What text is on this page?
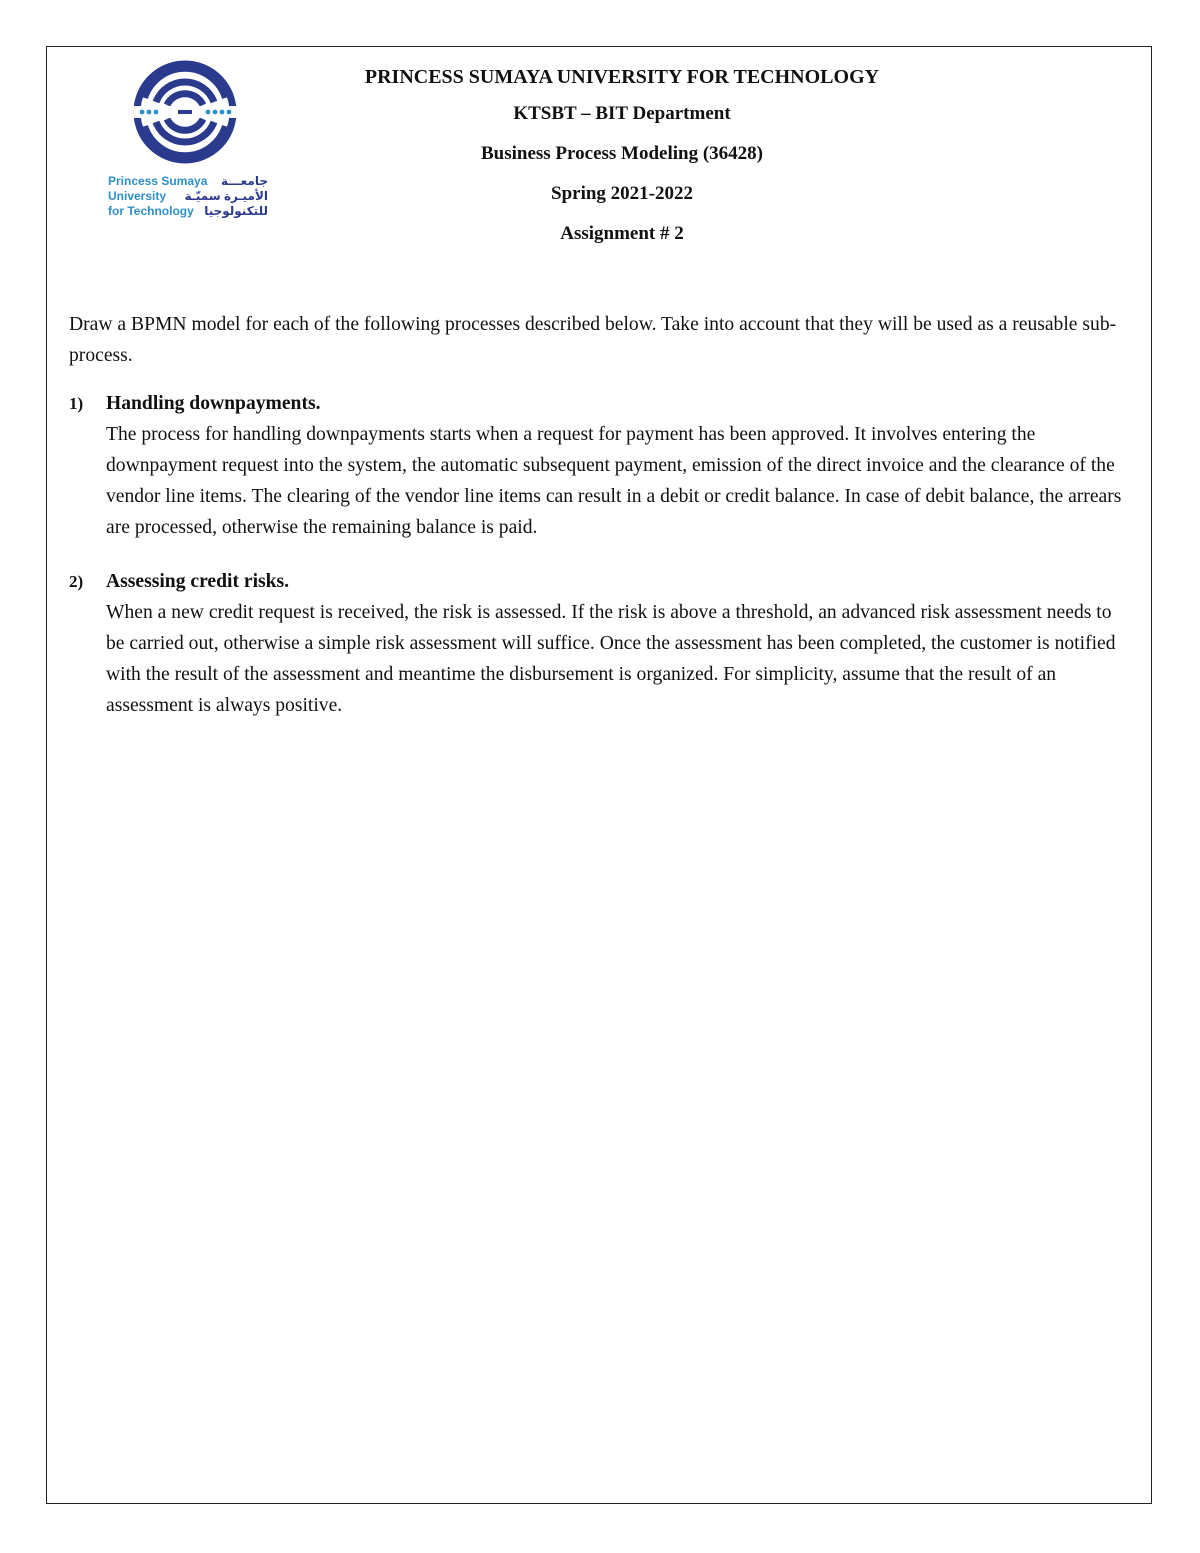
Princess Sumaya جامعـــة
University الأميـرة سميّـة
for Technology للتكنولوجيا
PRINCESS SUMAYA UNIVERSITY FOR TECHNOLOGY
KTSBT – BIT Department
Business Process Modeling (36428)
Spring 2021-2022
Assignment # 2

Draw a BPMN model for each of the following processes described below. Take into account that they will be used as a reusable sub-process.

1)	Handling downpayments.
The process for handling downpayments starts when a request for payment has been approved. It involves entering the downpayment request into the system, the automatic subsequent payment, emission of the direct invoice and the clearance of the vendor line items. The clearing of the vendor line items can result in a debit or credit balance. In case of debit balance, the arrears are processed, otherwise the remaining balance is paid.
2)	Assessing credit risks.
When a new credit request is received, the risk is assessed. If the risk is above a threshold, an advanced risk assessment needs to be carried out, otherwise a simple risk assessment will suffice. Once the assessment has been completed, the customer is notified with the result of the assessment and meantime the disbursement is organized. For simplicity, assume that the result of an assessment is always positive.
